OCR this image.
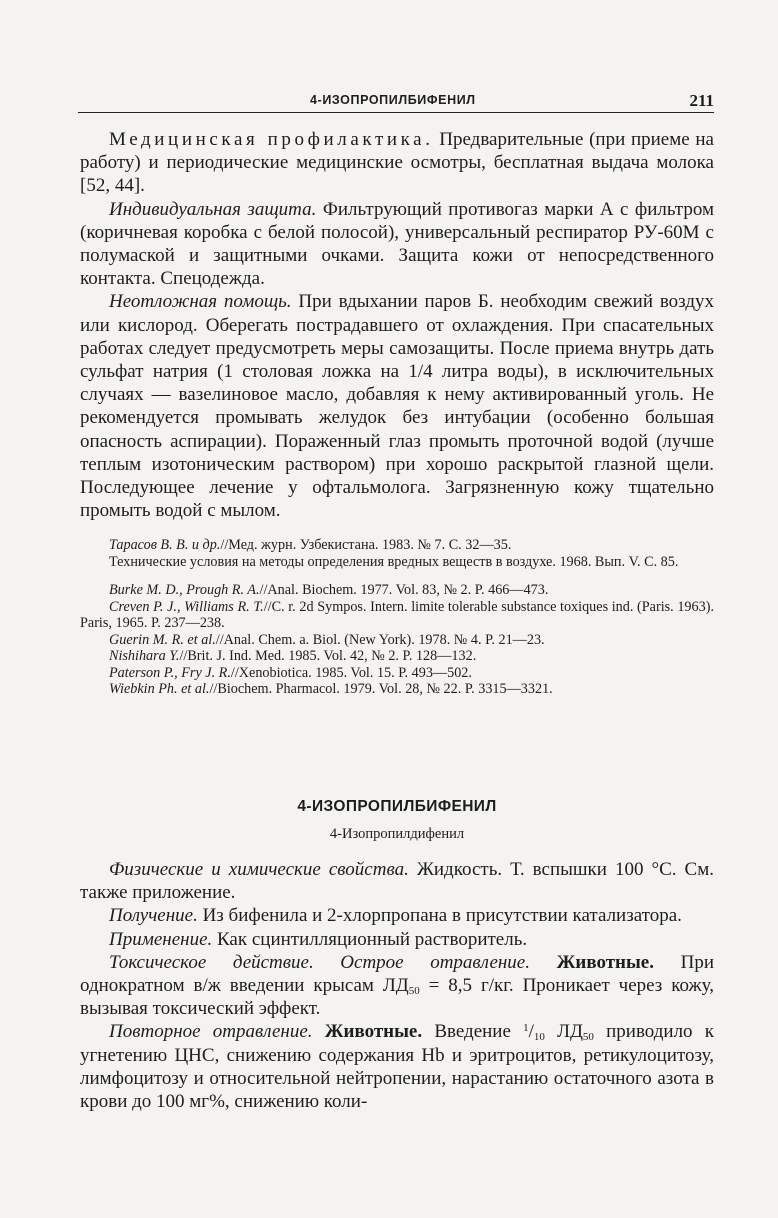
4-ИЗОПРОПИЛБИФЕНИЛ	211

Медицинская профилактика. Предварительные (при приеме на работу) и периодические медицинские осмотры, бесплатная выдача молока [52, 44].

Индивидуальная защита. Фильтрующий противогаз марки А с фильтром (коричневая коробка с белой полосой), универсальный респиратор РУ-60М с полумаской и защитными очками. Защита кожи от непосредственного контакта. Спецодежда.

Неотложная помощь. При вдыхании паров Б. необходим свежий воздух или кислород. Оберегать пострадавшего от охлаждения. При спасательных работах следует предусмотреть меры самозащиты. После приема внутрь дать сульфат натрия (1 столовая ложка на 1/4 литра воды), в исключительных случаях — вазелиновое масло, добавляя к нему активированный уголь. Не рекомендуется промывать желудок без интубации (особенно большая опасность аспирации). Пораженный глаз промыть проточной водой (лучше теплым изотоническим раствором) при хорошо раскрытой глазной щели. Последующее лечение у офтальмолога. Загрязненную кожу тщательно промыть водой с мылом.

Тарасов В. В. и др.//Мед. журн. Узбекистана. 1983. № 7. С. 32—35.

Технические условия на методы определения вредных веществ в воздухе. 1968. Вып. V. С. 85.

Burke M. D., Prough R. A.//Anal. Biochem. 1977. Vol. 83, № 2. P. 466—473.

Creven P. J., Williams R. T.//C. r. 2d Sympos. Intern. limite tolerable substance toxiques ind. (Paris. 1963). Paris, 1965. P. 237—238.

Guerin M. R. et al.//Anal. Chem. a. Biol. (New York). 1978. № 4. P. 21—23.

Nishihara Y.//Brit. J. Ind. Med. 1985. Vol. 42, № 2. P. 128—132.

Paterson P., Fry J. R.//Xenobiotica. 1985. Vol. 15. P. 493—502.

Wiebkin Ph. et al.//Biochem. Pharmacol. 1979. Vol. 28, № 22. P. 3315—3321.

4-ИЗОПРОПИЛБИФЕНИЛ
4-Изопропилдифенил

Физические и химические свойства. Жидкость. Т. вспышки 100 °С. См. также приложение.

Получение. Из бифенила и 2-хлорпропана в присутствии катализатора.

Применение. Как сцинтилляционный растворитель.

Токсическое действие. Острое отравление. Животные. При однократном в/ж введении крысам $ЛД_{50} = 8,5$ г/кг. Проникает через кожу, вызывая токсический эффект.

Повторное отравление. Животные. Введение $^1/_{10}$ $ЛД_{50}$ приводило к угнетению ЦНС, снижению содержания Hb и эритроцитов, ретикулоцитозу, лимфоцитозу и относительной нейтропении, нарастанию остаточного азота в крови до 100 мг%, снижению коли-
